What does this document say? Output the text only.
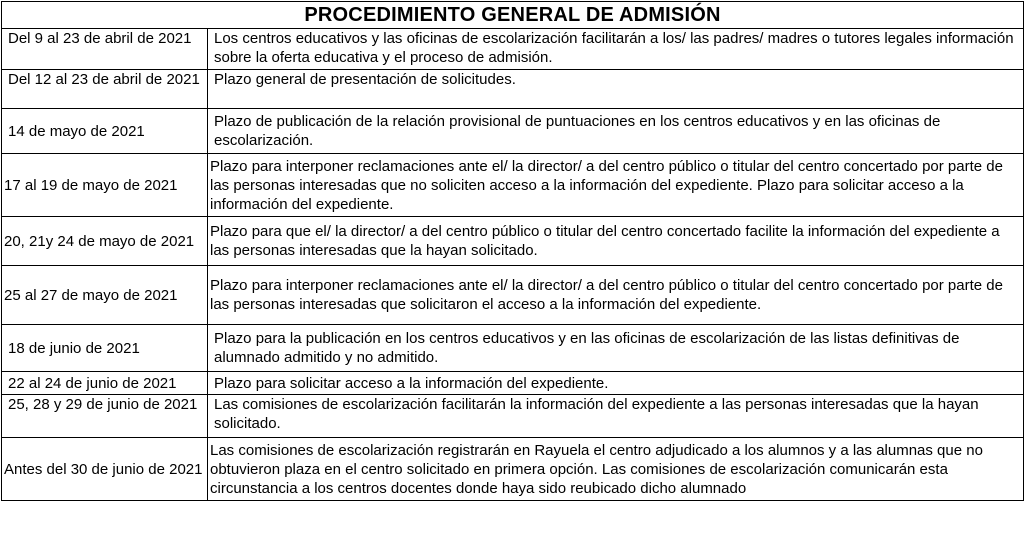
PROCEDIMIENTO GENERAL DE ADMISIÓN	
Del 9 al 23 de abril de 2021	Los centros educativos y las oficinas de escolarización facilitarán a los/ las padres/ madres o tutores legales información sobre la oferta educativa y el proceso de admisión.
Del 12 al 23 de abril de 2021	Plazo general de presentación de solicitudes.
14 de mayo de 2021	Plazo de publicación de la relación provisional de puntuaciones en los centros educativos y en las oficinas de escolarización.
17 al 19 de mayo de 2021	Plazo para interponer reclamaciones ante el/ la director/ a del centro público o titular del centro concertado por parte de las personas interesadas que no soliciten acceso a la información del expediente. Plazo para solicitar acceso a la información del expediente.
20, 21y 24 de mayo de 2021	Plazo para que el/ la director/ a del centro público o titular del centro concertado facilite la información del expediente a las personas interesadas que la hayan solicitado.
25 al 27 de mayo de 2021	Plazo para interponer reclamaciones ante el/ la director/ a del centro público o titular del centro concertado por parte de las personas interesadas que solicitaron el acceso a la información del expediente.
18 de junio de 2021	Plazo para la publicación en los centros educativos y en las oficinas de escolarización de las listas definitivas de alumnado admitido y no admitido.
22 al 24 de junio de 2021	Plazo para solicitar acceso a la información del expediente.
25, 28 y 29 de junio de 2021	Las comisiones de escolarización facilitarán la información del expediente a las personas interesadas que la hayan solicitado.
Antes del 30 de junio de 2021	Las comisiones de escolarización registrarán en Rayuela el centro adjudicado a los alumnos y a las alumnas que no obtuvieron plaza en el centro solicitado en primera opción. Las comisiones de escolarización comunicarán esta circunstancia a los centros docentes donde haya sido reubicado dicho alumnado
